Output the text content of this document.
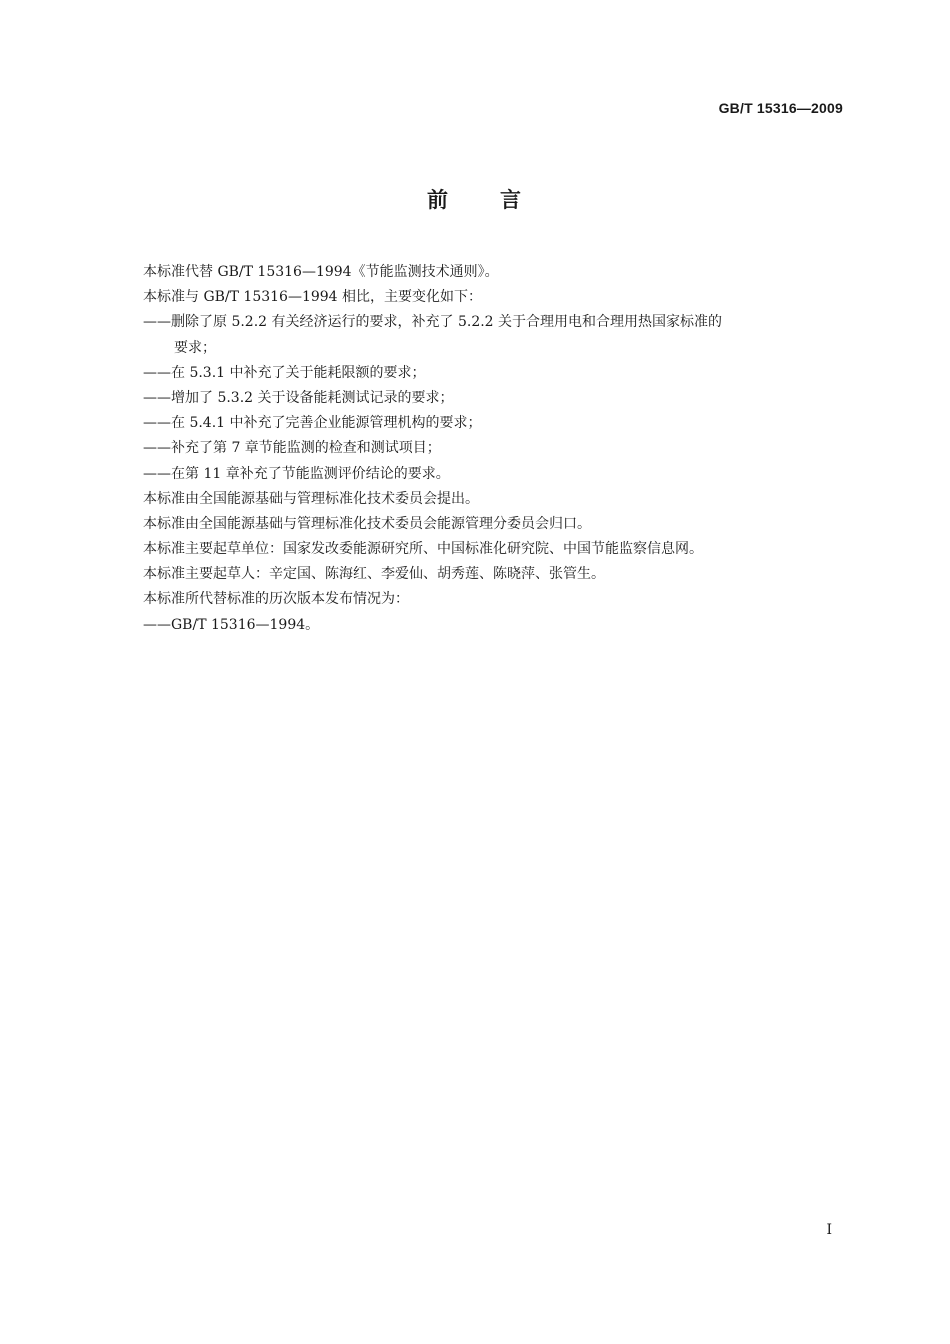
GB/T 15316—2009
前 言
本标准代替 GB/T 15316—1994《节能监测技术通则》。
本标准与 GB/T 15316—1994 相比，主要变化如下：
——删除了原 5.2.2 有关经济运行的要求，补充了 5.2.2 关于合理用电和合理用热国家标准的
要求；
——在 5.3.1 中补充了关于能耗限额的要求；
——增加了 5.3.2 关于设备能耗测试记录的要求；
——在 5.4.1 中补充了完善企业能源管理机构的要求；
——补充了第 7 章节能监测的检查和测试项目；
——在第 11 章补充了节能监测评价结论的要求。
本标准由全国能源基础与管理标准化技术委员会提出。
本标准由全国能源基础与管理标准化技术委员会能源管理分委员会归口。
本标准主要起草单位：国家发改委能源研究所、中国标准化研究院、中国节能监察信息网。
本标准主要起草人：辛定国、陈海红、李爱仙、胡秀莲、陈晓萍、张管生。
本标准所代替标准的历次版本发布情况为：
——GB/T 15316—1994。
I
